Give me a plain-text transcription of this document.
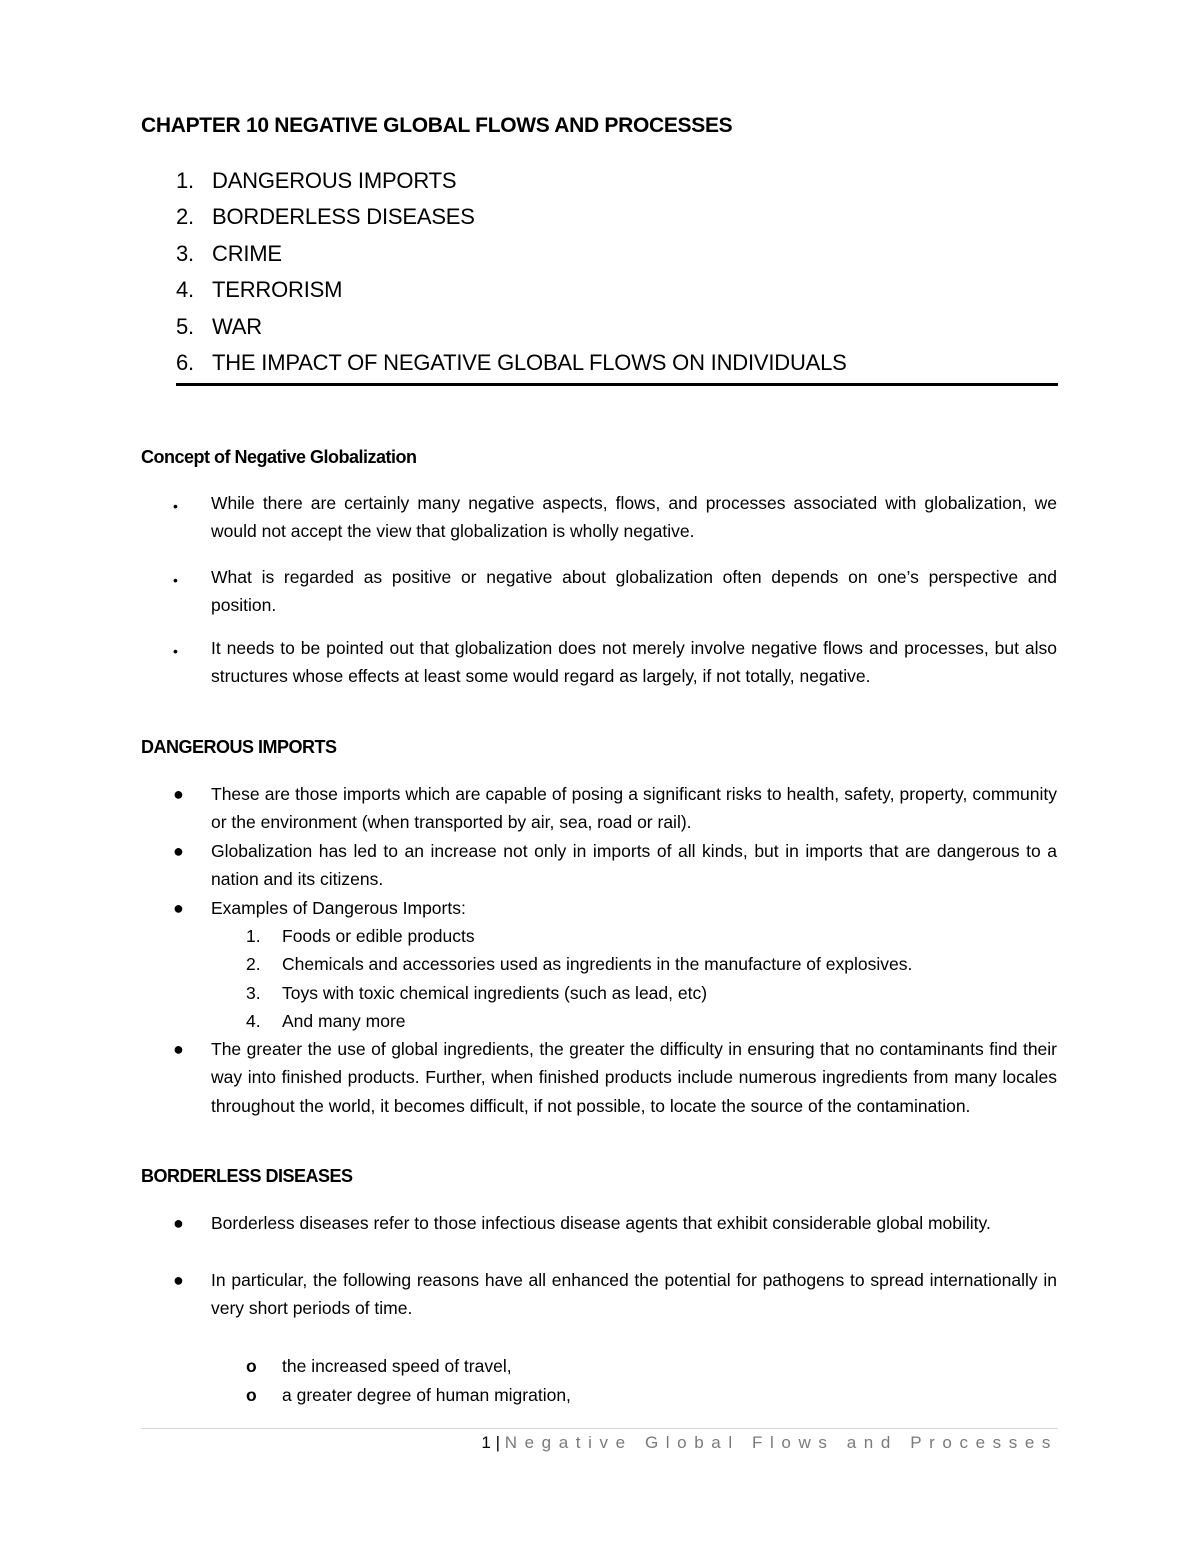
CHAPTER 10 NEGATIVE GLOBAL FLOWS AND PROCESSES
1. DANGEROUS IMPORTS
2. BORDERLESS DISEASES
3. CRIME
4. TERRORISM
5. WAR
6. THE IMPACT OF NEGATIVE GLOBAL FLOWS ON INDIVIDUALS
Concept of Negative Globalization
• While there are certainly many negative aspects, flows, and processes associated with globalization, we would not accept the view that globalization is wholly negative.
• What is regarded as positive or negative about globalization often depends on one’s perspective and position.
• It needs to be pointed out that globalization does not merely involve negative flows and processes, but also structures whose effects at least some would regard as largely, if not totally, negative.
DANGEROUS IMPORTS
● These are those imports which are capable of posing a significant risks to health, safety, property, community or the environment (when transported by air, sea, road or rail).
● Globalization has led to an increase not only in imports of all kinds, but in imports that are dangerous to a nation and its citizens.
● Examples of Dangerous Imports:
1. Foods or edible products
2. Chemicals and accessories used as ingredients in the manufacture of explosives.
3. Toys with toxic chemical ingredients (such as lead, etc)
4. And many more
● The greater the use of global ingredients, the greater the difficulty in ensuring that no contaminants find their way into finished products. Further, when finished products include numerous ingredients from many locales throughout the world, it becomes difficult, if not possible, to locate the source of the contamination.
BORDERLESS DISEASES
● Borderless diseases refer to those infectious disease agents that exhibit considerable global mobility.
● In particular, the following reasons have all enhanced the potential for pathogens to spread internationally in very short periods of time.
o the increased speed of travel,
o a greater degree of human migration,
1 | Negative Global Flows and Processes
